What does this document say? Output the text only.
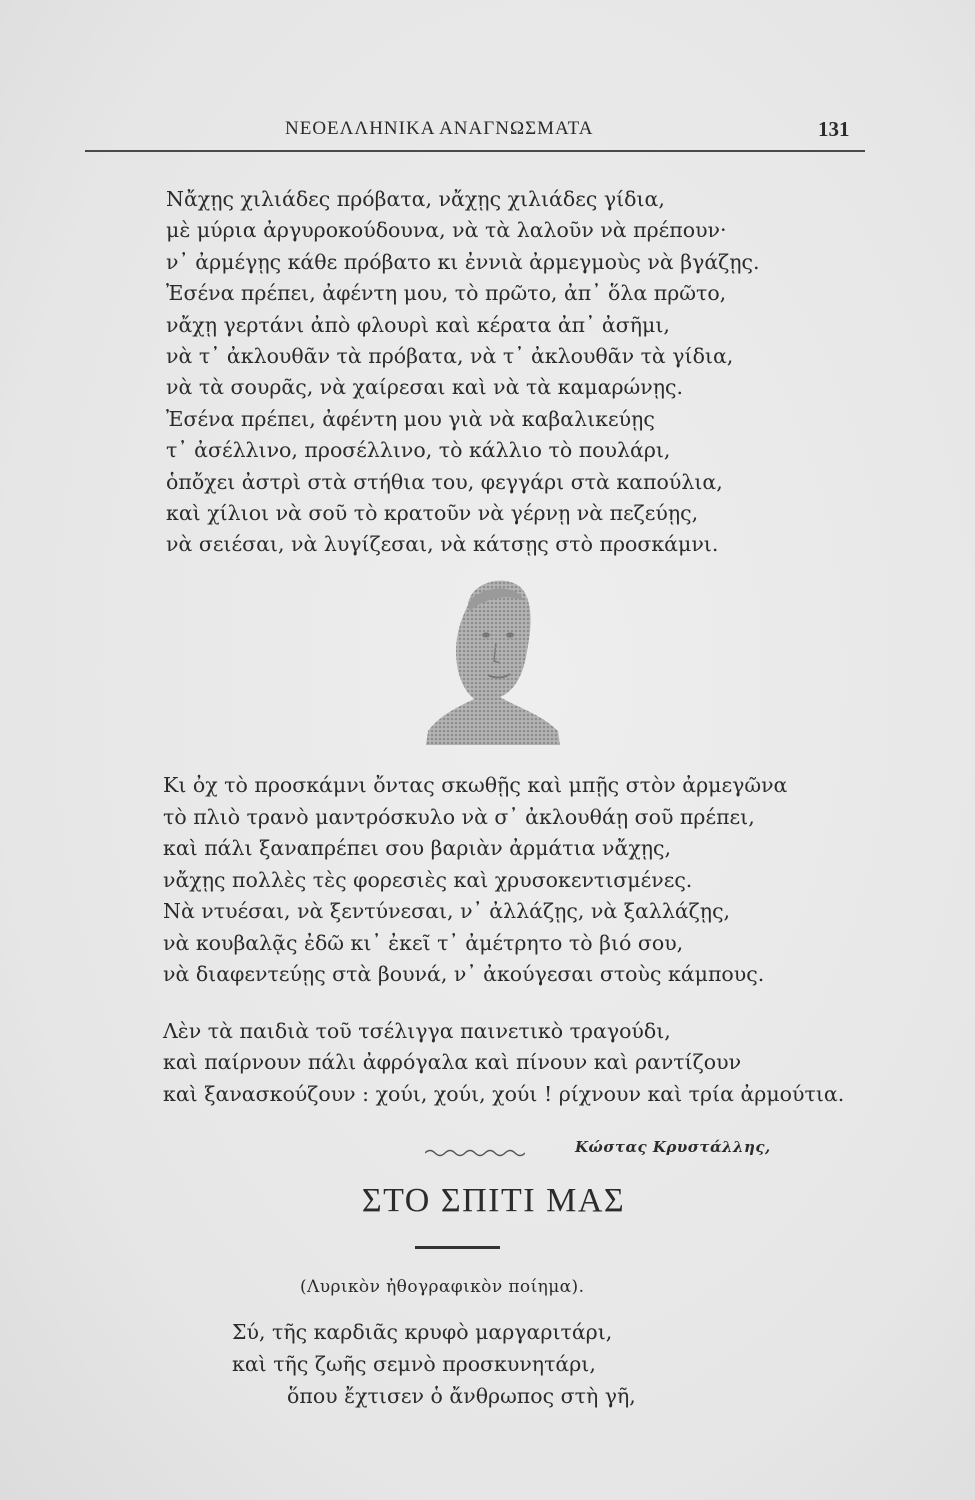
ΝΕΟΕΛΛΗΝΙΚΑ ΑΝΑΓΝΩΣΜΑΤΑ	131
Νἄχῃς χιλιάδες πρόβατα, νἄχῃς χιλιάδες γίδια,
μὲ μύρια ἀργυροκούδουνα, νὰ τὰ λαλοῦν νὰ πρέπουν·
ν᾽ ἀρμέγῃς κάθε πρόβατο κι ἐννιὰ ἀρμεγμοὺς νὰ βγάζῃς.
Ἐσένα πρέπει, ἀφέντη μου, τὸ πρῶτο, ἀπ᾽ ὅλα πρῶτο,
νἄχῃ γερτάνι ἀπὸ φλουρὶ καὶ κέρατα ἀπ᾽ ἀσῆμι,
νὰ τ᾽ ἀκλουθᾶν τὰ πρόβατα, νὰ τ᾽ ἀκλουθᾶν τὰ γίδια,
νὰ τὰ σουρᾶς, νὰ χαίρεσαι καὶ νὰ τὰ καμαρώνῃς.
Ἐσένα πρέπει, ἀφέντη μου γιὰ νὰ καβαλικεύῃς
τ᾽ ἀσέλλινο, προσέλλινο, τὸ κάλλιο τὸ πουλάρι,
ὁπὄχει ἀστρὶ στὰ στήθια του, φεγγάρι στὰ καπούλια,
καὶ χίλιοι νὰ σοῦ τὸ κρατοῦν νὰ γέρνῃ νὰ πεζεύῃς,
νὰ σειέσαι, νὰ λυγίζεσαι, νὰ κάτσῃς στὸ προσκάμνι.
Κι ὀχ τὸ προσκάμνι ὄντας σκωθῇς καὶ μπῇς στὸν ἀρμεγῶνα
τὸ πλιὸ τρανὸ μαντρόσκυλο νὰ σ᾽ ἀκλουθάῃ σοῦ πρέπει,
καὶ πάλι ξαναπρέπει σου βαριὰν ἀρμάτια νἄχῃς,
νἄχῃς πολλὲς τὲς φορεσιὲς καὶ χρυσοκεντισμένες.
Νὰ ντυέσαι, νὰ ξεντύνεσαι, ν᾽ ἀλλάζῃς, νὰ ξαλλάζῃς,
νὰ κουβαλᾷς ἐδῶ κι᾽ ἐκεῖ τ᾽ ἀμέτρητο τὸ βιό σου,
νὰ διαφεντεύῃς στὰ βουνά, ν᾽ ἀκούγεσαι στοὺς κάμπους.
Λὲν τὰ παιδιὰ τοῦ τσέλιγγα παινετικὸ τραγούδι,
καὶ παίρνουν πάλι ἀφρόγαλα καὶ πίνουν καὶ ραντίζουν
καὶ ξανασκούζουν : χούι, χούι, χούι ! ρίχνουν καὶ τρία ἀρμούτια.
Κώστας Κρυστάλλης,
ΣΤΟ ΣΠΙΤΙ ΜΑΣ
(Λυρικὸν ἠθογραφικὸν ποίημα).
Σύ, τῆς καρδιᾶς κρυφὸ μαργαριτάρι,
καὶ τῆς ζωῆς σεμνὸ προσκυνητάρι,
ὅπου ἔχτισεν ὁ ἄνθρωπος στὴ γῆ,
